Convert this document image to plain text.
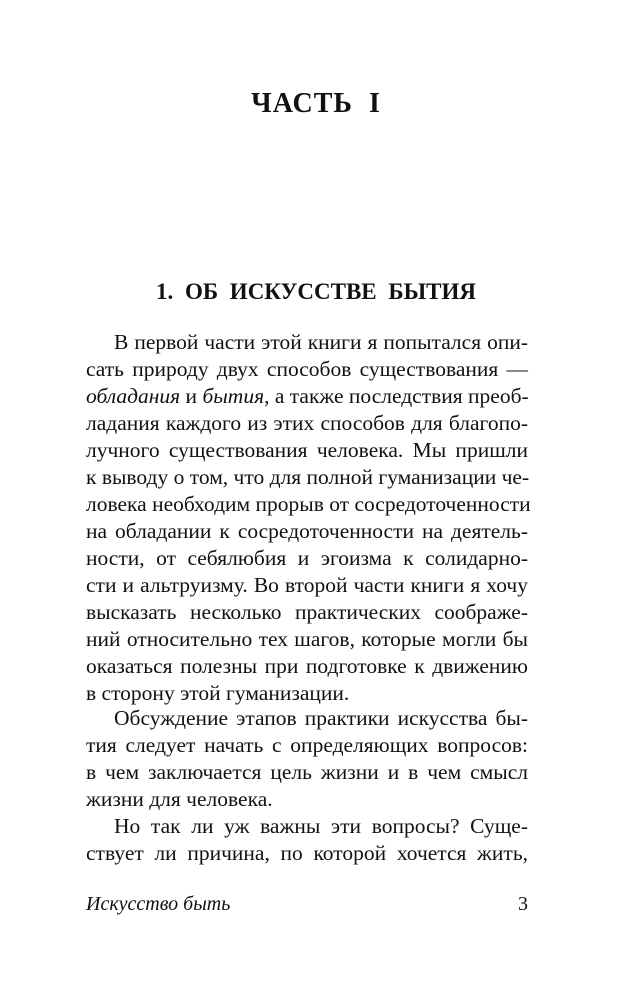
ЧАСТЬ I
1. ОБ ИСКУССТВЕ БЫТИЯ
В первой части этой книги я попытался опи-
сать природу двух способов существования —
обладания и бытия, а также последствия преоб-
ладания каждого из этих способов для благопо-
лучного существования человека. Мы пришли
к выводу о том, что для полной гуманизации че-
ловека необходим прорыв от сосредоточенности
на обладании к сосредоточенности на деятель-
ности, от себялюбия и эгоизма к солидарно-
сти и альтруизму. Во второй части книги я хочу
высказать несколько практических соображе-
ний относительно тех шагов, которые могли бы
оказаться полезны при подготовке к движению
в сторону этой гуманизации.
Обсуждение этапов практики искусства бы-
тия следует начать с определяющих вопросов:
в чем заключается цель жизни и в чем смысл
жизни для человека.
Но так ли уж важны эти вопросы? Суще-
ствует ли причина, по которой хочется жить,
Искусство быть	3
